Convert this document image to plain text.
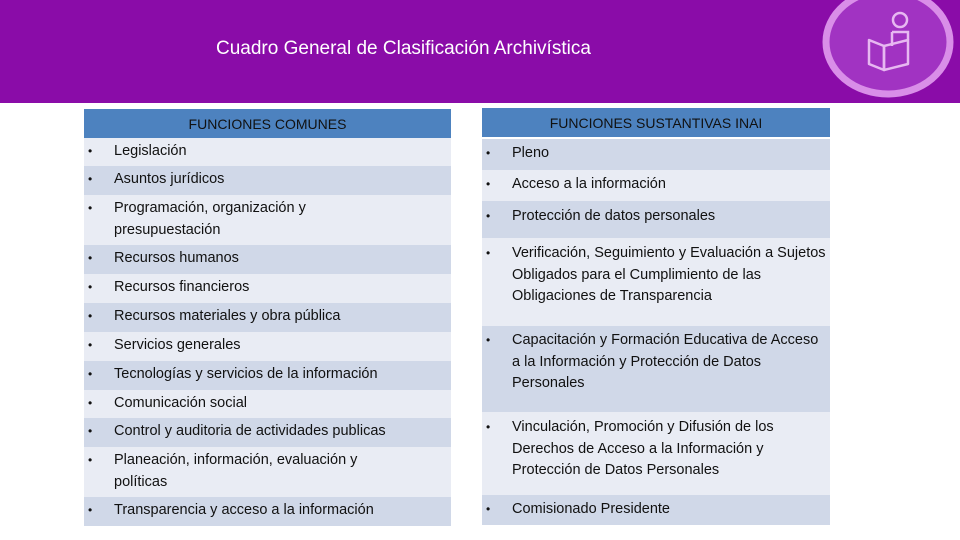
Cuadro General de Clasificación Archivística
FUNCIONES COMUNES	FUNCIONES SUSTANTIVAS INAI
• Legislación
• Asuntos jurídicos
• Programación, organización y presupuestación
• Recursos humanos
• Recursos financieros
• Recursos materiales y obra pública
• Servicios generales
• Tecnologías y servicios de la información
• Comunicación social
• Control y auditoria de actividades publicas
• Planeación, información, evaluación y políticas
• Transparencia y acceso a la información
• Pleno
• Acceso a la información
• Protección de datos personales
• Verificación, Seguimiento y Evaluación a Sujetos Obligados para el Cumplimiento de las Obligaciones de Transparencia
• Capacitación y Formación Educativa de Acceso a la Información y Protección de Datos Personales
• Vinculación, Promoción y Difusión de los Derechos de Acceso a la Información y Protección de Datos Personales
• Comisionado Presidente
